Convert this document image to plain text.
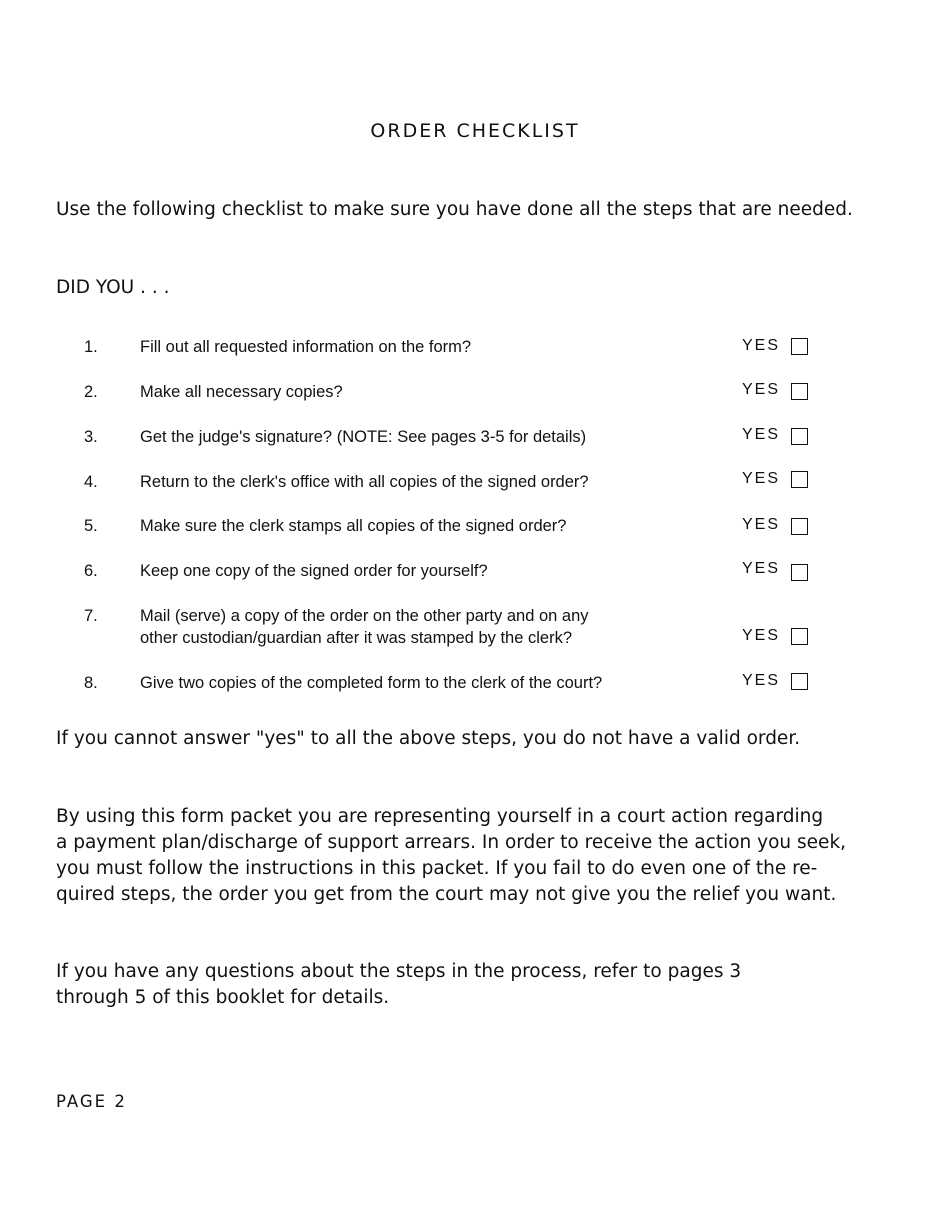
ORDER CHECKLIST
Use the following checklist to make sure you have done all the steps that are needed.
DID YOU . . .
1.	Fill out all requested information on the form?	YES
2.	Make all necessary copies?	YES
3.	Get the judge's signature? (NOTE: See pages 3-5 for details)	YES
4.	Return to the clerk's office with all copies of the signed order?	YES
5.	Make sure the clerk stamps all copies of the signed order?	YES
6.	Keep one copy of the signed order for yourself?	YES
7.	Mail (serve) a copy of the order on the other party and on any
other custodian/guardian after it was stamped by the clerk?	YES
8.	Give two copies of the completed form to the clerk of the court?	YES
If you cannot answer "yes" to all the above steps, you do not have a valid order.
By using this form packet you are representing yourself in a court action regarding
a payment plan/discharge of support arrears. In order to receive the action you seek,
you must follow the instructions in this packet. If you fail to do even one of the re-
quired steps, the order you get from the court may not give you the relief you want.
If you have any questions about the steps in the process, refer to pages 3
through 5 of this booklet for details.
PAGE 2
